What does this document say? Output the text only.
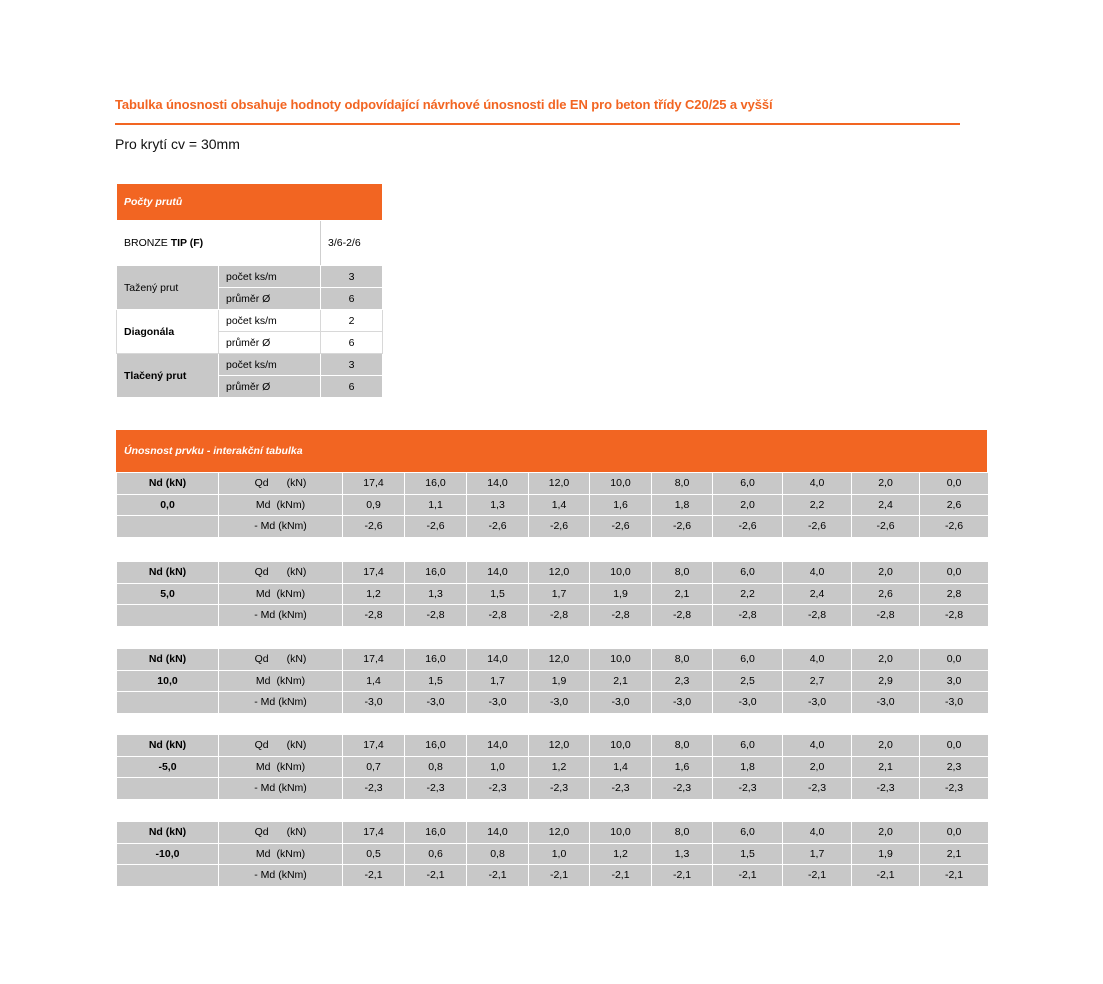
Tabulka únosnosti obsahuje hodnoty odpovídající návrhové únosnosti dle EN pro beton třídy C20/25 a vyšší
Pro krytí cv = 30mm
Počty prutů		
BRONZE TIP (F)		3/6-2/6
Tažený prut	počet ks/m	3
	průměr Ø	6
Diagonála	počet ks/m	2
	průměr Ø	6
Tlačený prut	počet ks/m	3
	průměr Ø	6
Únosnost prvku - interakční tabulka
Nd (kN)	Qd (kN)	17,4	16,0	14,0	12,0	10,0	8,0	6,0	4,0	2,0	0,0
0,0	Md (kNm)	0,9	1,1	1,3	1,4	1,6	1,8	2,0	2,2	2,4	2,6
	- Md (kNm)	-2,6	-2,6	-2,6	-2,6	-2,6	-2,6	-2,6	-2,6	-2,6	-2,6
Nd (kN)	Qd (kN)	17,4	16,0	14,0	12,0	10,0	8,0	6,0	4,0	2,0	0,0
5,0	Md (kNm)	1,2	1,3	1,5	1,7	1,9	2,1	2,2	2,4	2,6	2,8
	- Md (kNm)	-2,8	-2,8	-2,8	-2,8	-2,8	-2,8	-2,8	-2,8	-2,8	-2,8
Nd (kN)	Qd (kN)	17,4	16,0	14,0	12,0	10,0	8,0	6,0	4,0	2,0	0,0
10,0	Md (kNm)	1,4	1,5	1,7	1,9	2,1	2,3	2,5	2,7	2,9	3,0
	- Md (kNm)	-3,0	-3,0	-3,0	-3,0	-3,0	-3,0	-3,0	-3,0	-3,0	-3,0
Nd (kN)	Qd (kN)	17,4	16,0	14,0	12,0	10,0	8,0	6,0	4,0	2,0	0,0
-5,0	Md (kNm)	0,7	0,8	1,0	1,2	1,4	1,6	1,8	2,0	2,1	2,3
	- Md (kNm)	-2,3	-2,3	-2,3	-2,3	-2,3	-2,3	-2,3	-2,3	-2,3	-2,3
Nd (kN)	Qd (kN)	17,4	16,0	14,0	12,0	10,0	8,0	6,0	4,0	2,0	0,0
-10,0	Md (kNm)	0,5	0,6	0,8	1,0	1,2	1,3	1,5	1,7	1,9	2,1
	- Md (kNm)	-2,1	-2,1	-2,1	-2,1	-2,1	-2,1	-2,1	-2,1	-2,1	-2,1
